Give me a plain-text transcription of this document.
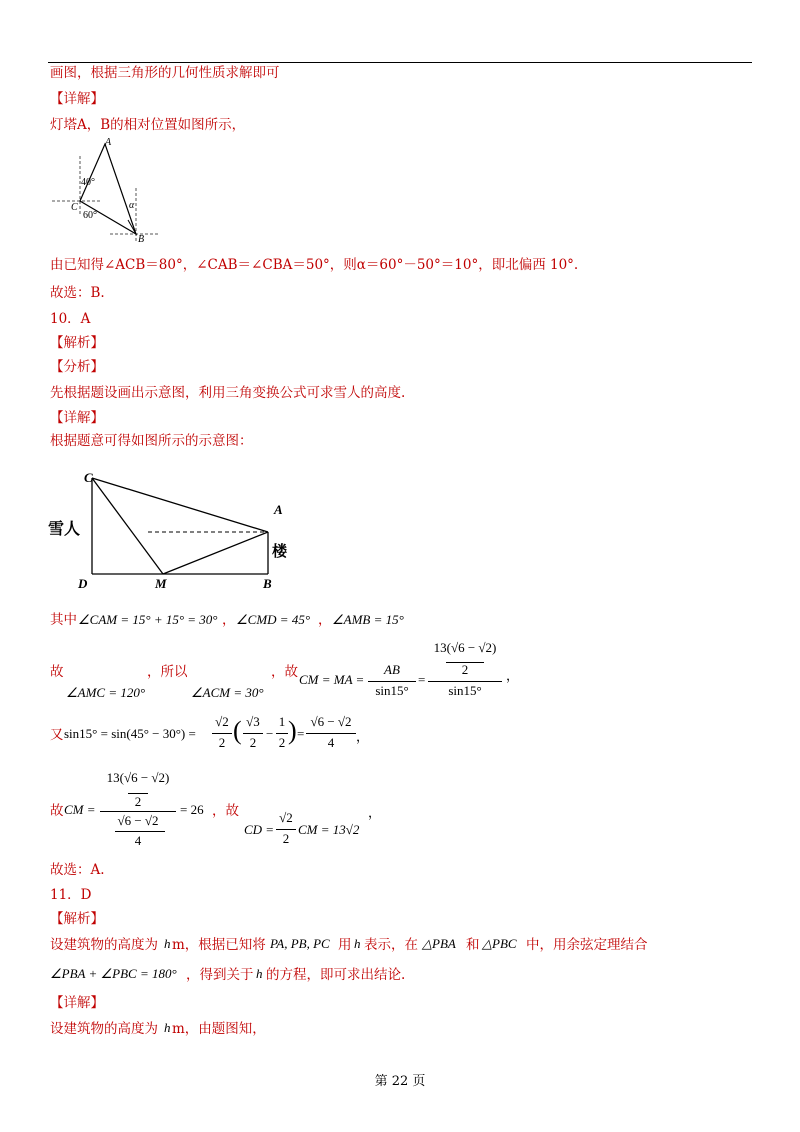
画图，根据三角形的几何性质求解即可
【详解】
灯塔A，B的相对位置如图所示，
A
40°
C
60°
α
B
由已知得∠ACB＝80°，∠CAB＝∠CBA＝50°，则α＝60°－50°＝10°，即北偏西 10°.
故选：B.
10．A
【解析】
【分析】
先根据题设画出示意图，利用三角变换公式可求雪人的高度.
【详解】
根据题意可得如图所示的示意图：
C
A
雪人
楼
D	M	B
其中 ∠CAM = 15° + 15° = 30° ， ∠CMD = 45° ， ∠AMB = 15°
故	，所以	，故
∠AMC = 120°	∠ACM = 30°
CM = MA =
AB
sin15°
=
13(√6 − √2)
2
sin15°
，
又 sin15° = sin(45° − 30°) =
√2
2 ( √3
2
−
1
2 ) =
√6 − √2
4	，
故 CM =
13(√6 − √2)
2
√6 − √2
4
= 26 ，故
CD =
√2
2
CM = 13√2
，
故选：A.
11．D
【解析】
设建筑物的高度为 h m，根据已知将 PA, PB, PC 用 h 表示，在 △PBA 和 △PBC 中，用余弦定理结合
∠PBA + ∠PBC = 180° ，得到关于 h 的方程，即可求出结论.
【详解】
设建筑物的高度为 h m，由题图知，
第 22 页
